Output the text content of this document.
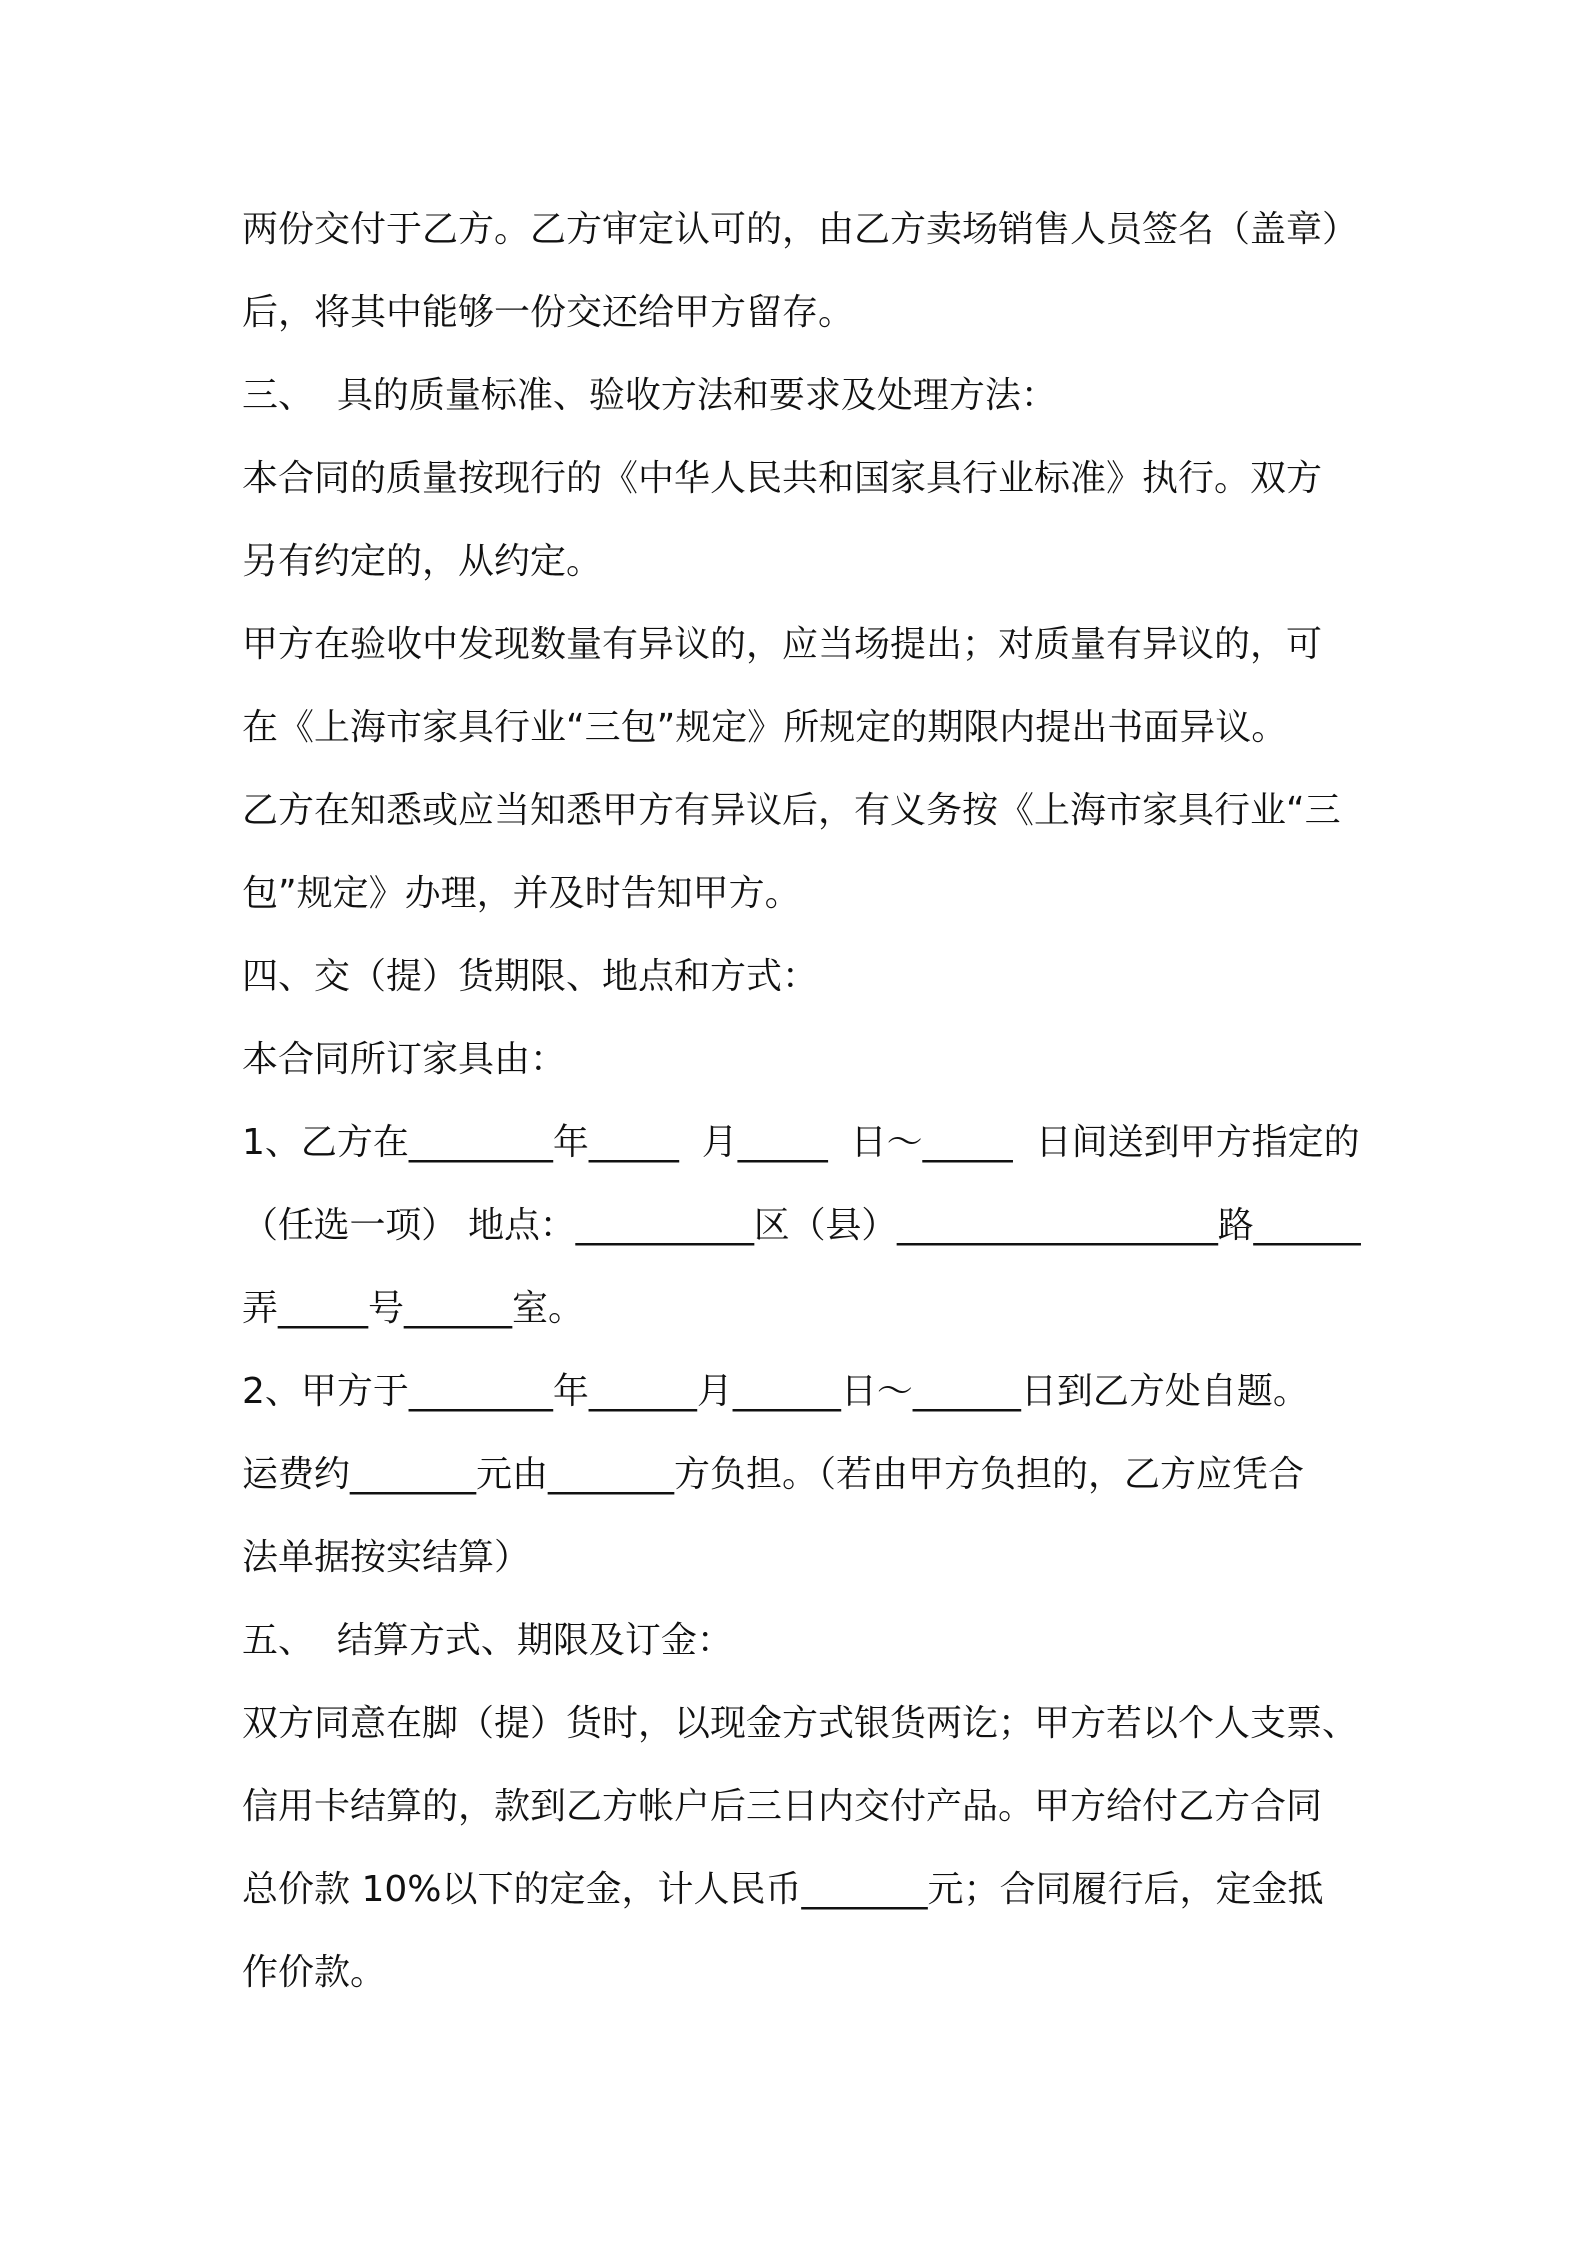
两份交付于乙方。乙方审定认可的，由乙方卖场销售人员签名（盖章）

后，将其中能够一份交还给甲方留存。

三、  具的质量标准、验收方法和要求及处理方法：

本合同的质量按现行的《中华人民共和国家具行业标准》执行。双方

另有约定的，从约定。

甲方在验收中发现数量有异议的，应当场提出；对质量有异议的，可

在《上海市家具行业“三包”规定》所规定的期限内提出书面异议。

乙方在知悉或应当知悉甲方有异议后，有义务按《上海市家具行业“三

包”规定》办理，并及时告知甲方。

四、交（提）货期限、地点和方式：

本合同所订家具由：

1、乙方在________年_____  月_____  日～_____  日间送到甲方指定的

（任选一项） 地点：__________区（县）__________________路______

弄_____号______室。

2、甲方于________年______月______日～______日到乙方处自题。

运费约_______元由_______方负担。（若由甲方负担的，乙方应凭合

法单据按实结算）

五、  结算方式、期限及订金：

双方同意在脚（提）货时，以现金方式银货两讫；甲方若以个人支票、

信用卡结算的，款到乙方帐户后三日内交付产品。甲方给付乙方合同

总价款 10%以下的定金，计人民币_______元；合同履行后，定金抵

作价款。
